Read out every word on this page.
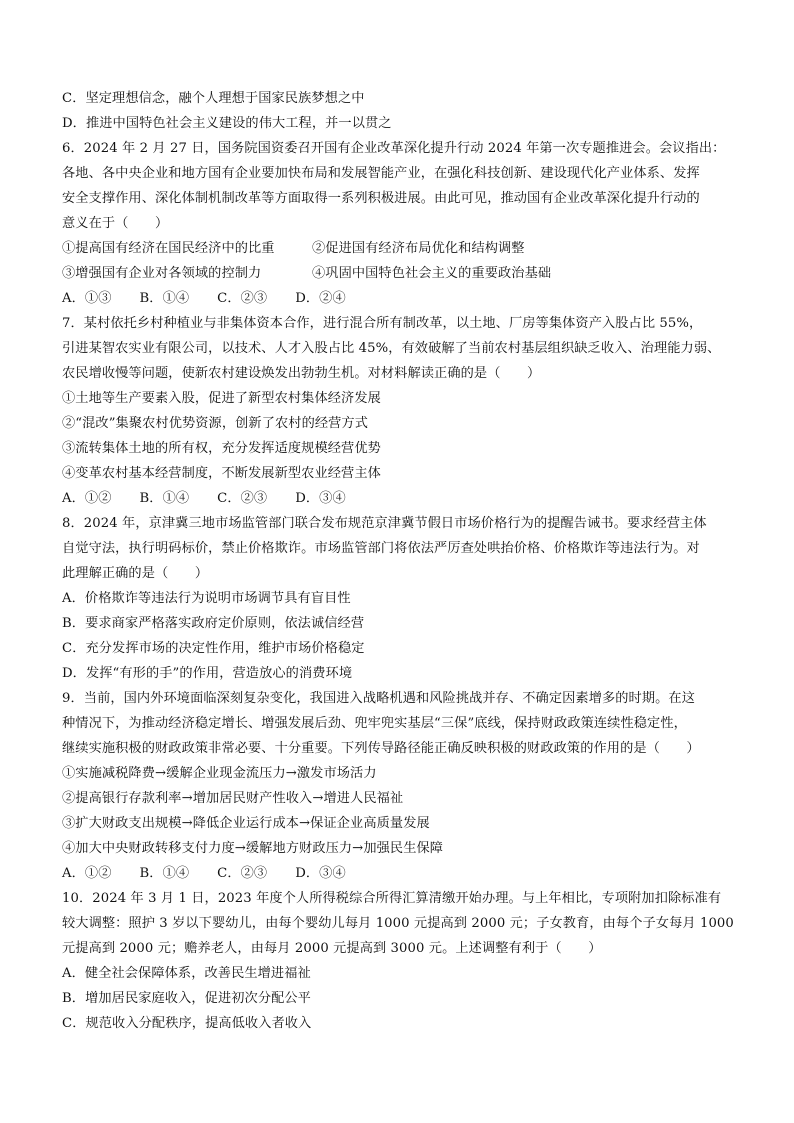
C．坚定理想信念，融个人理想于国家民族梦想之中
D．推进中国特色社会主义建设的伟大工程，并一以贯之
6．2024 年 2 月 27 日，国务院国资委召开国有企业改革深化提升行动 2024 年第一次专题推进会。会议指出：
各地、各中央企业和地方国有企业要加快布局和发展智能产业，在强化科技创新、建设现代化产业体系、发挥
安全支撑作用、深化体制机制改革等方面取得一系列积极进展。由此可见，推动国有企业改革深化提升行动的
意义在于（　　）
①提高国有经济在国民经济中的比重	②促进国有经济布局优化和结构调整
③增强国有企业对各领域的控制力	④巩固中国特色社会主义的重要政治基础
A．①③ B．①④ C．②③ D．②④
7．某村依托乡村种植业与非集体资本合作，进行混合所有制改革，以土地、厂房等集体资产入股占比 55%，
引进某智农实业有限公司，以技术、人才入股占比 45%，有效破解了当前农村基层组织缺乏收入、治理能力弱、
农民增收慢等问题，使新农村建设焕发出勃勃生机。对材料解读正确的是（　　）
①土地等生产要素入股，促进了新型农村集体经济发展
②“混改”集聚农村优势资源，创新了农村的经营方式
③流转集体土地的所有权，充分发挥适度规模经营优势
④变革农村基本经营制度，不断发展新型农业经营主体
A．①② B．①④ C．②③ D．③④
8．2024 年，京津冀三地市场监管部门联合发布规范京津冀节假日市场价格行为的提醒告诫书。要求经营主体
自觉守法，执行明码标价，禁止价格欺诈。市场监管部门将依法严厉查处哄抬价格、价格欺诈等违法行为。对
此理解正确的是（　　）
A．价格欺诈等违法行为说明市场调节具有盲目性
B．要求商家严格落实政府定价原则，依法诚信经营
C．充分发挥市场的决定性作用，维护市场价格稳定
D．发挥“有形的手”的作用，营造放心的消费环境
9．当前，国内外环境面临深刻复杂变化，我国进入战略机遇和风险挑战并存、不确定因素增多的时期。在这
种情况下，为推动经济稳定增长、增强发展后劲、兜牢兜实基层“三保”底线，保持财政政策连续性稳定性，
继续实施积极的财政政策非常必要、十分重要。下列传导路径能正确反映积极的财政政策的作用的是（　　）
①实施减税降费→缓解企业现金流压力→激发市场活力
②提高银行存款利率→增加居民财产性收入→增进人民福祉
③扩大财政支出规模→降低企业运行成本→保证企业高质量发展
④加大中央财政转移支付力度→缓解地方财政压力→加强民生保障
A．①② B．①④ C．②③ D．③④
10．2024 年 3 月 1 日，2023 年度个人所得税综合所得汇算清缴开始办理。与上年相比，专项附加扣除标准有
较大调整：照护 3 岁以下婴幼儿，由每个婴幼儿每月 1000 元提高到 2000 元；子女教育，由每个子女每月 1000
元提高到 2000 元；赡养老人，由每月 2000 元提高到 3000 元。上述调整有利于（　　）
A．健全社会保障体系，改善民生增进福祉
B．增加居民家庭收入，促进初次分配公平
C．规范收入分配秩序，提高低收入者收入
